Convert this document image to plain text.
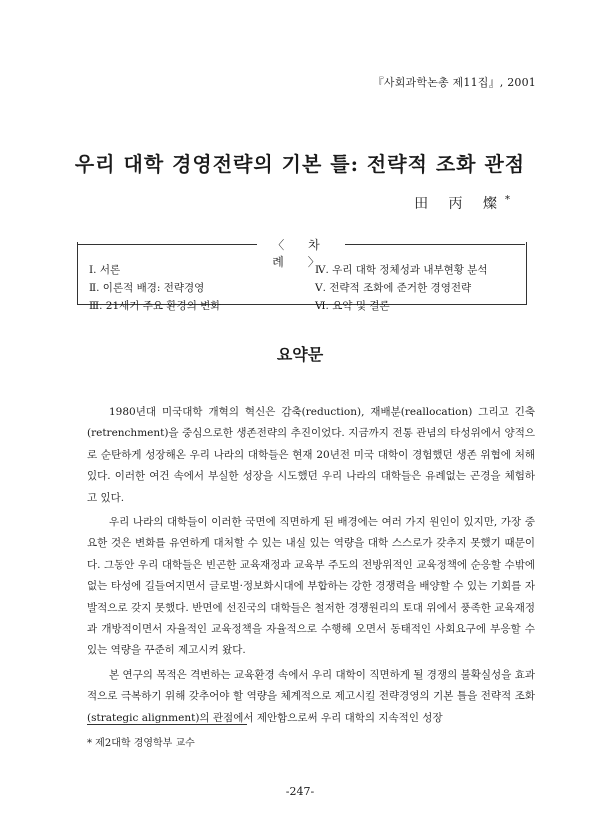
『사회과학논총 제11집』, 2001
우리 대학 경영전략의 기본 틀: 전략적 조화 관점
田 丙 燦*
〈 차 례 〉
Ⅰ. 서론	Ⅳ. 우리 대학 정체성과 내부현황 분석
Ⅱ. 이론적 배경: 전략경영	Ⅴ. 전략적 조화에 준거한 경영전략
Ⅲ. 21세기 주요 환경의 변화	Ⅵ. 요약 및 결론
요약문

1980년대 미국대학 개혁의 혁신은 감축(reduction), 재배분(reallocation) 그리고 긴축(retrenchment)을 중심으로한 생존전략의 추진이었다. 지금까지 전통 관념의 타성위에서 양적으로 순탄하게 성장해온 우리 나라의 대학들은 현재 20년전 미국 대학이 경험했던 생존 위협에 처해 있다. 이러한 여건 속에서 부실한 성장을 시도했던 우리 나라의 대학들은 유례없는 곤경을 체험하고 있다.

우리 나라의 대학들이 이러한 국면에 직면하게 된 배경에는 여러 가지 원인이 있지만, 가장 중요한 것은 변화를 유연하게 대처할 수 있는 내실 있는 역량을 대학 스스로가 갖추지 못했기 때문이다. 그동안 우리 대학들은 빈곤한 교육재정과 교육부 주도의 전방위적인 교육정책에 순응할 수밖에 없는 타성에 길들여지면서 글로벌·정보화시대에 부합하는 강한 경쟁력을 배양할 수 있는 기회를 자발적으로 갖지 못했다. 반면에 선진국의 대학들은 철저한 경쟁원리의 토대 위에서 풍족한 교육재정과 개방적이면서 자율적인 교육정책을 자율적으로 수행해 오면서 동태적인 사회요구에 부응할 수 있는 역량을 꾸준히 제고시켜 왔다.

본 연구의 목적은 격변하는 교육환경 속에서 우리 대학이 직면하게 될 경쟁의 불확실성을 효과적으로 극복하기 위해 갖추어야 할 역량을 체계적으로 제고시킬 전략경영의 기본 틀을 전략적 조화(strategic alignment)의 관점에서 제안함으로써 우리 대학의 지속적인 성장

* 제2대학 경영학부 교수
-247-
